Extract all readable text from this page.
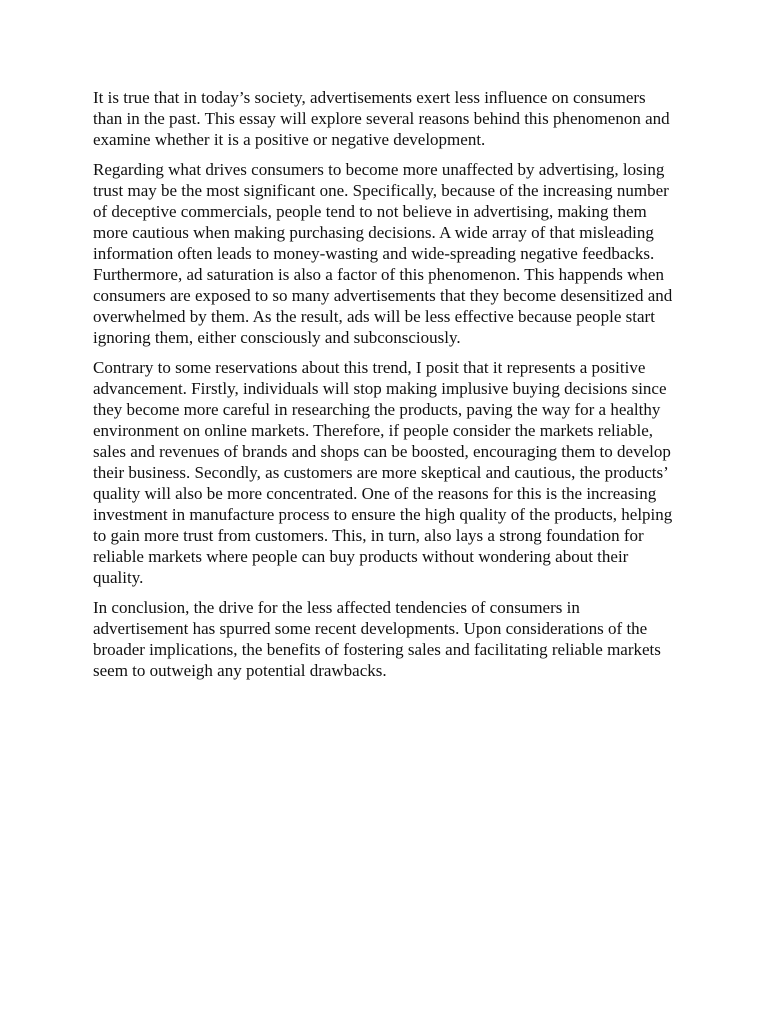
It is true that in today’s society, advertisements exert less influence on consumers than in the past. This essay will explore several reasons behind this phenomenon and examine whether it is a positive or negative development.

Regarding what drives consumers to become more unaffected by advertising, losing trust may be the most significant one. Specifically, because of the increasing number of deceptive commercials, people tend to not believe in advertising, making them more cautious when making purchasing decisions. A wide array of that misleading information often leads to money-wasting and wide-spreading negative feedbacks. Furthermore, ad saturation is also a factor of this phenomenon. This happends when consumers are exposed to so many advertisements that they become desensitized and overwhelmed by them. As the result, ads will be less effective because people start ignoring them, either consciously and subconsciously.

Contrary to some reservations about this trend, I posit that it represents a positive advancement. Firstly, individuals will stop making implusive buying decisions since they become more careful in researching the products, paving the way for a healthy environment on online markets. Therefore, if people consider the markets reliable, sales and revenues of brands and shops can be boosted, encouraging them to develop their business. Secondly, as customers are more skeptical and cautious, the products’ quality will also be more concentrated. One of the reasons for this is the increasing investment in manufacture process to ensure the high quality of the products, helping to gain more trust from customers. This, in turn, also lays a strong foundation for reliable markets where people can buy products without wondering about their quality.

In conclusion, the drive for the less affected tendencies of consumers in advertisement has spurred some recent developments. Upon considerations of the broader implications, the benefits of fostering sales and facilitating reliable markets seem to outweigh any potential drawbacks.
